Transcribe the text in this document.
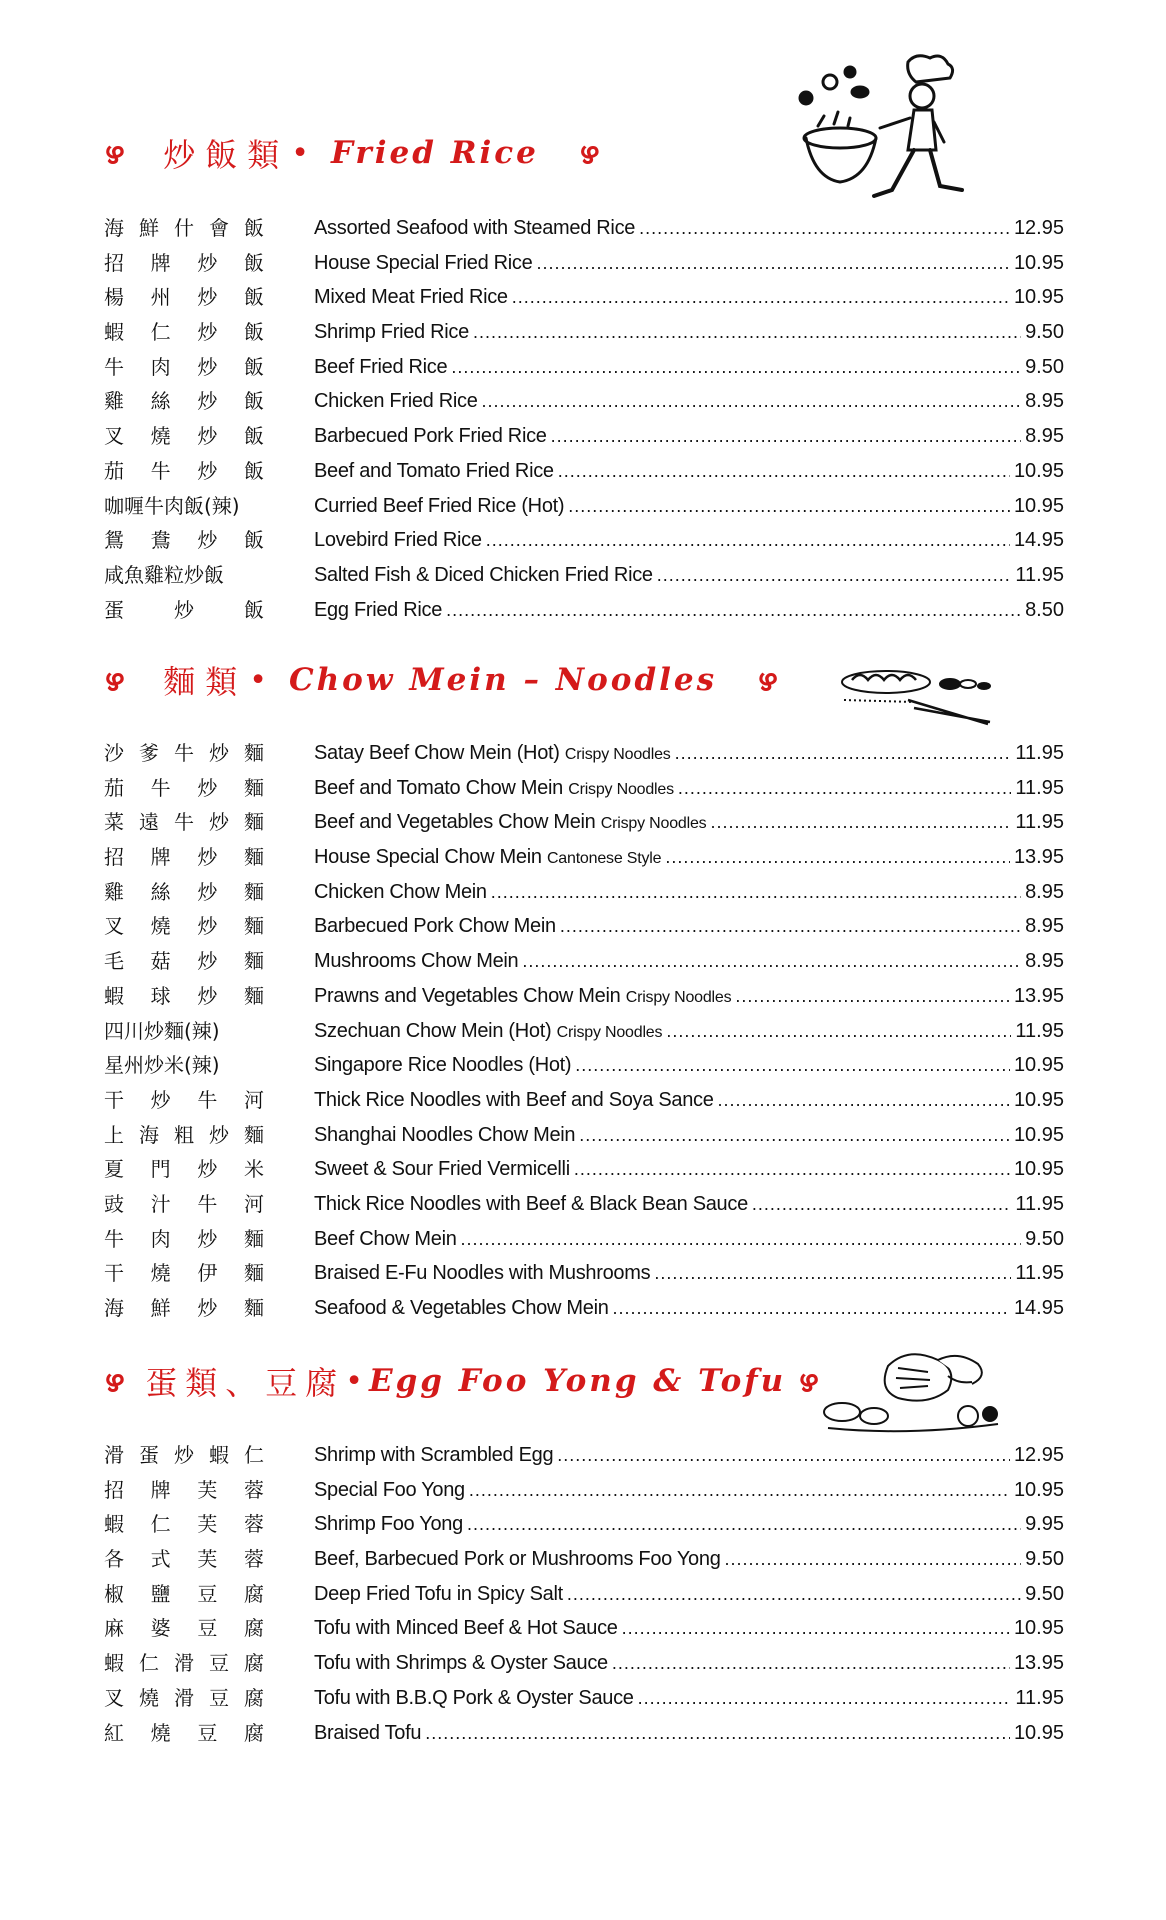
ഴ 炒飯類 • Fried Rice ഴ
海 鮮 什 會 飯	Assorted Seafood with Steamed Rice .....	12.95
招 牌 炒 飯	House Special Fried Rice .....	10.95
楊 州 炒 飯	Mixed Meat Fried Rice .....	10.95
蝦 仁 炒 飯	Shrimp Fried Rice .....	9.50
牛 肉 炒 飯	Beef Fried Rice .....	9.50
雞 絲 炒 飯	Chicken Fried Rice .....	8.95
叉 燒 炒 飯	Barbecued Pork Fried Rice .....	8.95
茄 牛 炒 飯	Beef and Tomato Fried Rice .....	10.95
咖喱牛肉飯(辣)	Curried Beef Fried Rice (Hot) .....	10.95
鴛 鴦 炒 飯	Lovebird Fried Rice .....	14.95
咸魚雞粒炒飯	Salted Fish & Diced Chicken Fried Rice .....	11.95
蛋	炒	飯	Egg Fried Rice .....	8.50
ഴ 麵類 • Chow Mein – Noodles ഴ
沙 爹 牛 炒 麵	Satay Beef Chow Mein (Hot) Crispy Noodles .....	11.95
茄 牛 炒 麵	Beef and Tomato Chow Mein Crispy Noodles .....	11.95
菜 遠 牛 炒 麵	Beef and Vegetables Chow Mein Crispy Noodles .....	11.95
招 牌 炒 麵	House Special Chow Mein Cantonese Style .....	13.95
雞 絲 炒 麵	Chicken Chow Mein .....	8.95
叉 燒 炒 麵	Barbecued Pork Chow Mein .....	8.95
毛 菇 炒 麵	Mushrooms Chow Mein .....	8.95
蝦 球 炒 麵	Prawns and Vegetables Chow Mein Crispy Noodles .....	13.95
四川炒麵(辣)	Szechuan Chow Mein (Hot) Crispy Noodles .....	11.95
星州炒米(辣)	Singapore Rice Noodles (Hot) .....	10.95
干 炒 牛 河	Thick Rice Noodles with Beef and Soya Sance .....	10.95
上 海 粗 炒 麵	Shanghai Noodles Chow Mein .....	10.95
夏 門 炒 米	Sweet & Sour Fried Vermicelli .....	10.95
豉 汁 牛 河	Thick Rice Noodles with Beef & Black Bean Sauce .....	11.95
牛 肉 炒 麵	Beef Chow Mein .....	9.50
干 燒 伊 麵	Braised E-Fu Noodles with Mushrooms .....	11.95
海 鮮 炒 麵	Seafood & Vegetables Chow Mein .....	14.95
ഴ 蛋類、豆腐 • Egg Foo Yong & Tofu ഴ
滑 蛋 炒 蝦 仁	Shrimp with Scrambled Egg .....	12.95
招 牌 芙 蓉	Special Foo Yong .....	10.95
蝦 仁 芙 蓉	Shrimp Foo Yong .....	9.95
各 式 芙 蓉	Beef, Barbecued Pork or Mushrooms Foo Yong .....	9.50
椒 鹽 豆 腐	Deep Fried Tofu in Spicy Salt .....	9.50
麻 婆 豆 腐	Tofu with Minced Beef & Hot Sauce .....	10.95
蝦 仁 滑 豆 腐	Tofu with Shrimps & Oyster Sauce .....	13.95
叉 燒 滑 豆 腐	Tofu with B.B.Q Pork & Oyster Sauce .....	11.95
紅 燒 豆 腐	Braised Tofu .....	10.95
